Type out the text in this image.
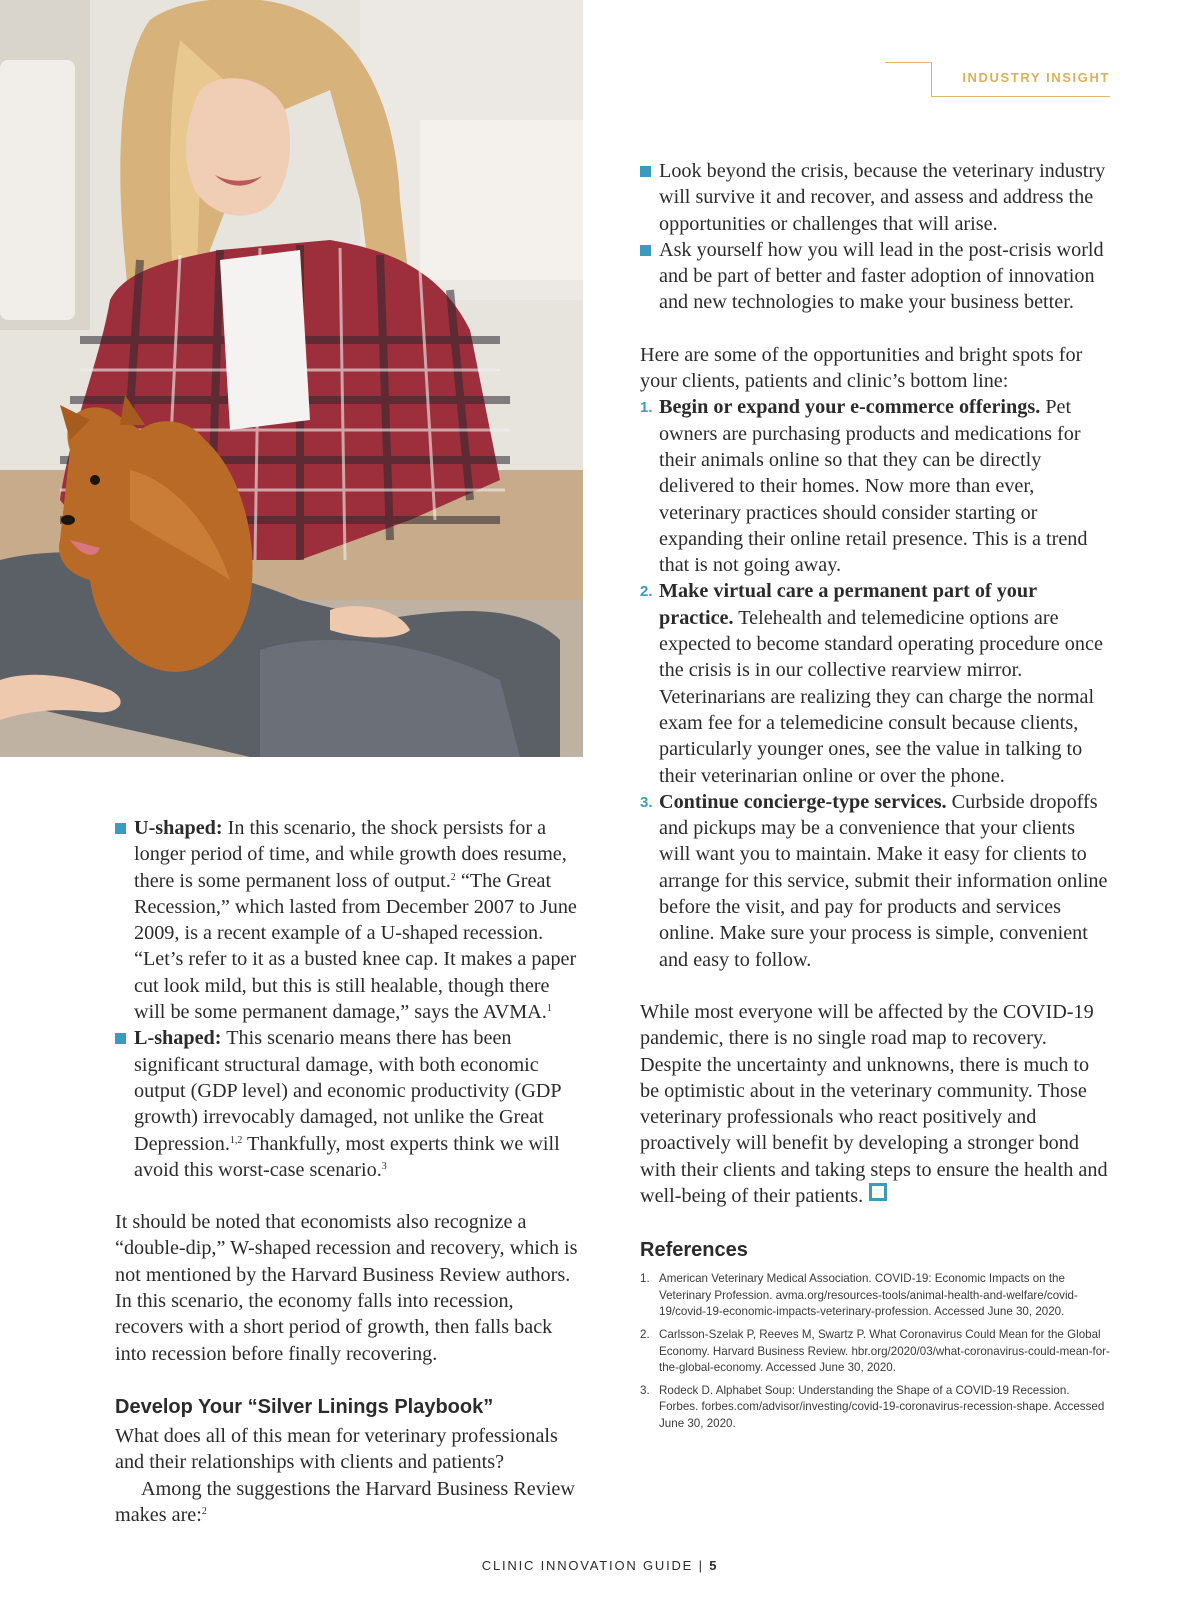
INDUSTRY INSIGHT
U-shaped: In this scenario, the shock persists for a longer period of time, and while growth does resume, there is some permanent loss of output.$^2$ “The Great Recession,” which lasted from December 2007 to June 2009, is a recent example of a U-shaped recession. “Let’s refer to it as a busted knee cap. It makes a paper cut look mild, but this is still healable, though there will be some permanent damage,” says the AVMA.$^1$
L-shaped: This scenario means there has been significant structural damage, with both economic output (GDP level) and economic productivity (GDP growth) irrevocably damaged, not unlike the Great Depression.$^{1,2}$ Thankfully, most experts think we will avoid this worst-case scenario.$^3$

It should be noted that economists also recognize a “double-dip,” W-shaped recession and recovery, which is not mentioned by the Harvard Business Review authors. In this scenario, the economy falls into recession, recovers with a short period of growth, then falls back into recession before finally recovering.

Develop Your “Silver Linings Playbook”

What does all of this mean for veterinary professionals and their relationships with clients and patients?

Among the suggestions the Harvard Business Review makes are:$^2$

Look beyond the crisis, because the veterinary industry will survive it and recover, and assess and address the opportunities or challenges that will arise.
Ask yourself how you will lead in the post-crisis world and be part of better and faster adoption of innovation and new technologies to make your business better.

Here are some of the opportunities and bright spots for your clients, patients and clinic’s bottom line:

1. Begin or expand your e-commerce offerings. Pet owners are purchasing products and medications for their animals online so that they can be directly delivered to their homes. Now more than ever, veterinary practices should consider starting or expanding their online retail presence. This is a trend that is not going away.
2. Make virtual care a permanent part of your practice. Telehealth and telemedicine options are expected to become standard operating procedure once the crisis is in our collective rearview mirror. Veterinarians are realizing they can charge the normal exam fee for a telemedicine consult because clients, particularly younger ones, see the value in talking to their veterinarian online or over the phone.
3. Continue concierge-type services. Curbside dropoffs and pickups may be a convenience that your clients will want you to maintain. Make it easy for clients to arrange for this service, submit their information online before the visit, and pay for products and services online. Make sure your process is simple, convenient and easy to follow.

While most everyone will be affected by the COVID-19 pandemic, there is no single road map to recovery. Despite the uncertainty and unknowns, there is much to be optimistic about in the veterinary community. Those veterinary professionals who react positively and proactively will benefit by developing a stronger bond with their clients and taking steps to ensure the health and well-being of their patients.

References
1. American Veterinary Medical Association. COVID-19: Economic Impacts on the Veterinary Profession. avma.org/resources-tools/animal-health-and-welfare/covid-19/covid-19-economic-impacts-veterinary-profession. Accessed June 30, 2020.
2. Carlsson-Szelak P, Reeves M, Swartz P. What Coronavirus Could Mean for the Global Economy. Harvard Business Review. hbr.org/2020/03/what-coronavirus-could-mean-for-the-global-economy. Accessed June 30, 2020.
3. Rodeck D. Alphabet Soup: Understanding the Shape of a COVID-19 Recession. Forbes. forbes.com/advisor/investing/covid-19-coronavirus-recession-shape. Accessed June 30, 2020.
CLINIC INNOVATION GUIDE | 5
